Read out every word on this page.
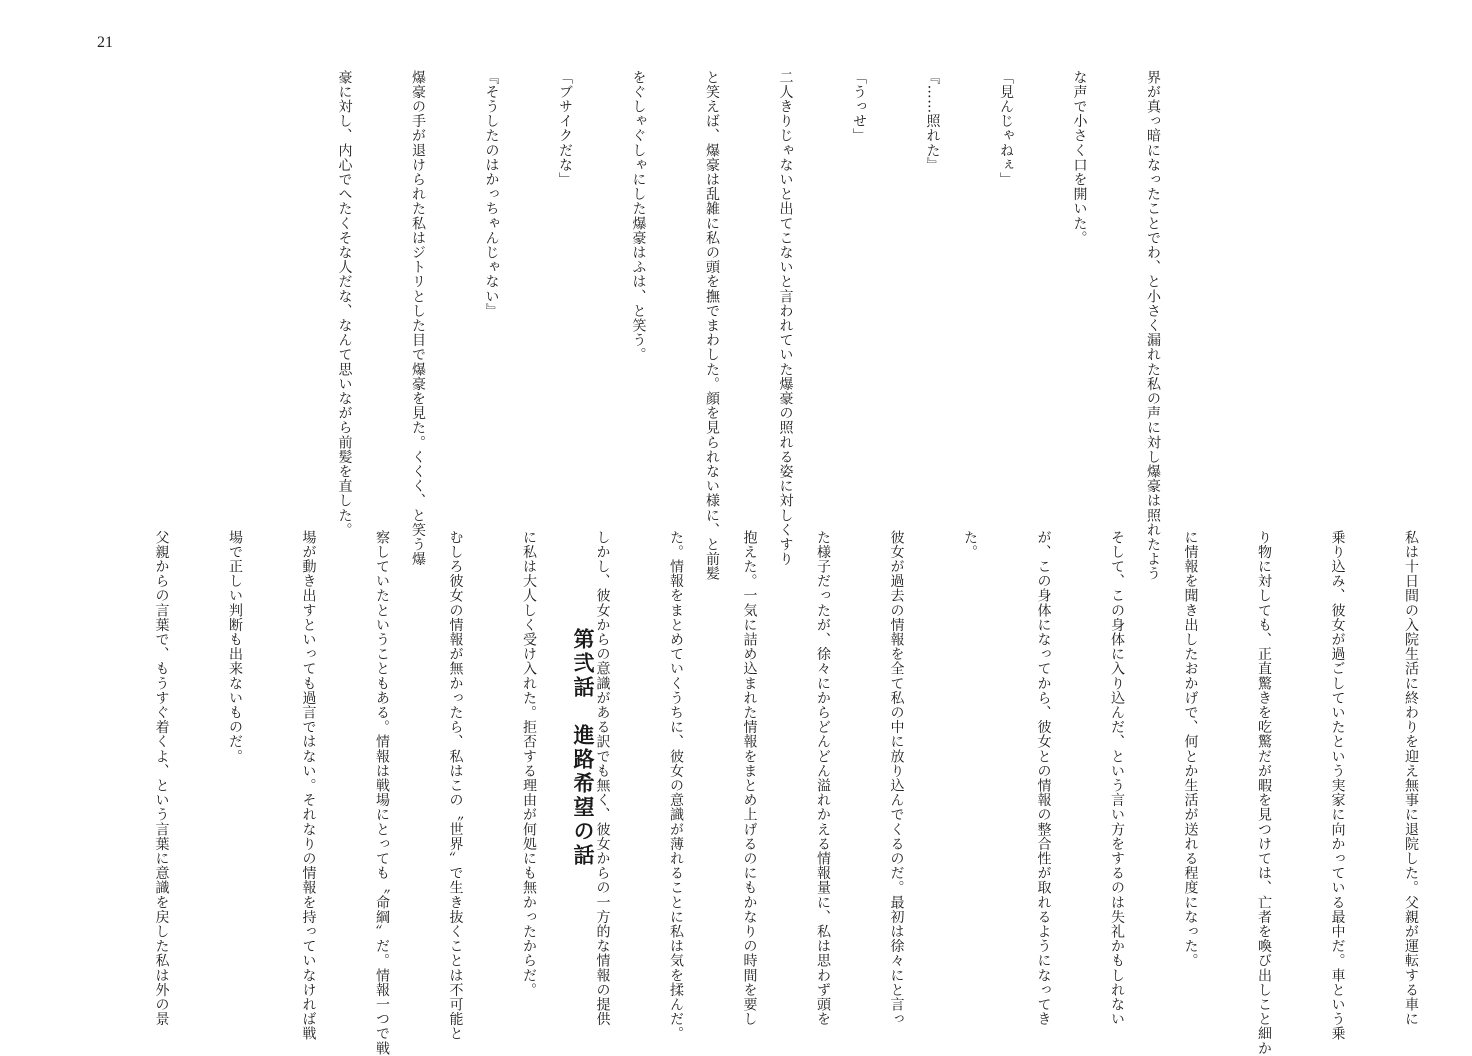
21

界が真っ暗になったことでわ、と小さく漏れた私の声に対し爆豪は照れたよう

な声で小さく口を開いた。

「見んじゃねぇ」

『……照れた』

「うっせ」

二人きりじゃないと出てこないと言われていた爆豪の照れる姿に対しくすり

と笑えば、爆豪は乱雑に私の頭を撫でまわした。顔を見られない様に、と前髪

をぐしゃぐしゃにした爆豪はふは、と笑う。

「ブサイクだな」

『そうしたのはかっちゃんじゃない』

爆豪の手が退けられた私はジトリとした目で爆豪を見た。くくく、と笑う爆

豪に対し、内心でへたくそな人だな、なんて思いながら前髪を直した。

第弐話　進路希望の話

	私は十日間の入院生活に終わりを迎え無事に退院した。父親が運転する車に

乗り込み、彼女が過ごしていたという実家に向かっている最中だ。車という乗

り物に対しても、正直驚きを吃驚だが暇を見つけては、亡者を喚び出しこと細か

に情報を聞き出したおかげで、何とか生活が送れる程度になった。

そして、この身体に入り込んだ、という言い方をするのは失礼かもしれない

が、この身体になってから、彼女との情報の整合性が取れるようになってき

た。

彼女が過去の情報を全て私の中に放り込んでくるのだ。最初は徐々にと言っ

た様子だったが、徐々にからどんどん溢れかえる情報量に、私は思わず頭を

抱えた。一気に詰め込まれた情報をまとめ上げるのにもかなりの時間を要し

た。情報をまとめていくうちに、彼女の意識が薄れることに私は気を揉んだ。

しかし、彼女からの意識がある訳でも無く、彼女からの一方的な情報の提供

に私は大人しく受け入れた。拒否する理由が何処にも無かったからだ。

むしろ彼女の情報が無かったら、私はこの〝世界〟で生き抜くことは不可能と

察していたということもある。情報は戦場にとっても〝命綱〟だ。情報一つで戦

場が動き出すといっても過言ではない。それなりの情報を持っていなければ戦

場で正しい判断も出来ないものだ。

父親からの言葉で、もうすぐ着くよ、という言葉に意識を戻した私は外の景
